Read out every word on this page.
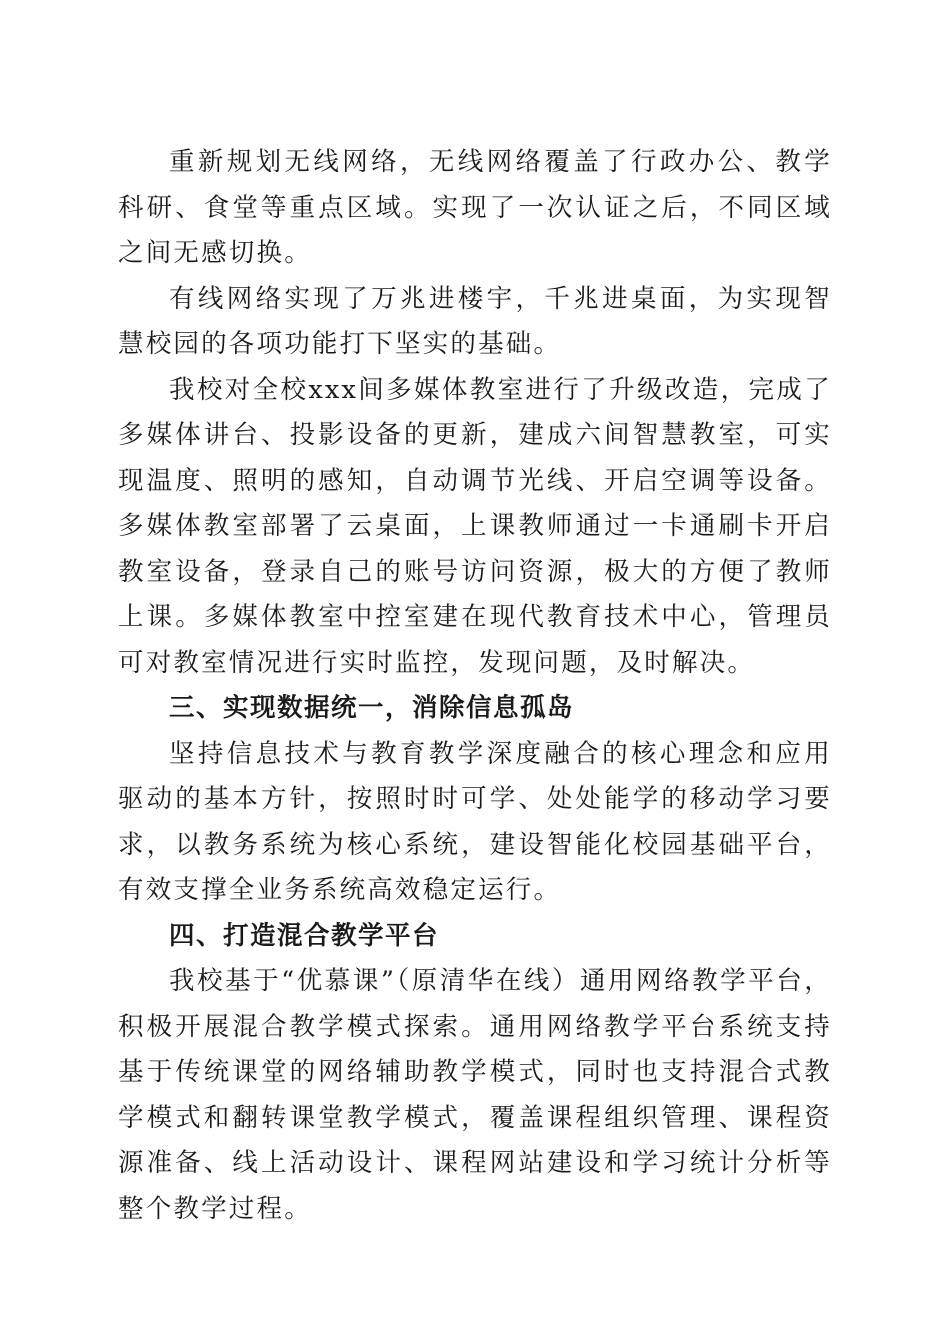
重新规划无线网络，无线网络覆盖了行政办公、教学科研、食堂等重点区域。实现了一次认证之后，不同区域之间无感切换。

有线网络实现了万兆进楼宇，千兆进桌面，为实现智慧校园的各项功能打下坚实的基础。

我校对全校xxx间多媒体教室进行了升级改造，完成了多媒体讲台、投影设备的更新，建成六间智慧教室，可实现温度、照明的感知，自动调节光线、开启空调等设备。多媒体教室部署了云桌面，上课教师通过一卡通刷卡开启教室设备，登录自己的账号访问资源，极大的方便了教师上课。多媒体教室中控室建在现代教育技术中心，管理员可对教室情况进行实时监控，发现问题，及时解决。

三、实现数据统一，消除信息孤岛

坚持信息技术与教育教学深度融合的核心理念和应用驱动的基本方针，按照时时可学、处处能学的移动学习要求，以教务系统为核心系统，建设智能化校园基础平台，有效支撑全业务系统高效稳定运行。

四、打造混合教学平台

我校基于“优慕课”（原清华在线）通用网络教学平台，积极开展混合教学模式探索。通用网络教学平台系统支持基于传统课堂的网络辅助教学模式，同时也支持混合式教学模式和翻转课堂教学模式，覆盖课程组织管理、课程资源准备、线上活动设计、课程网站建设和学习统计分析等整个教学过程。
